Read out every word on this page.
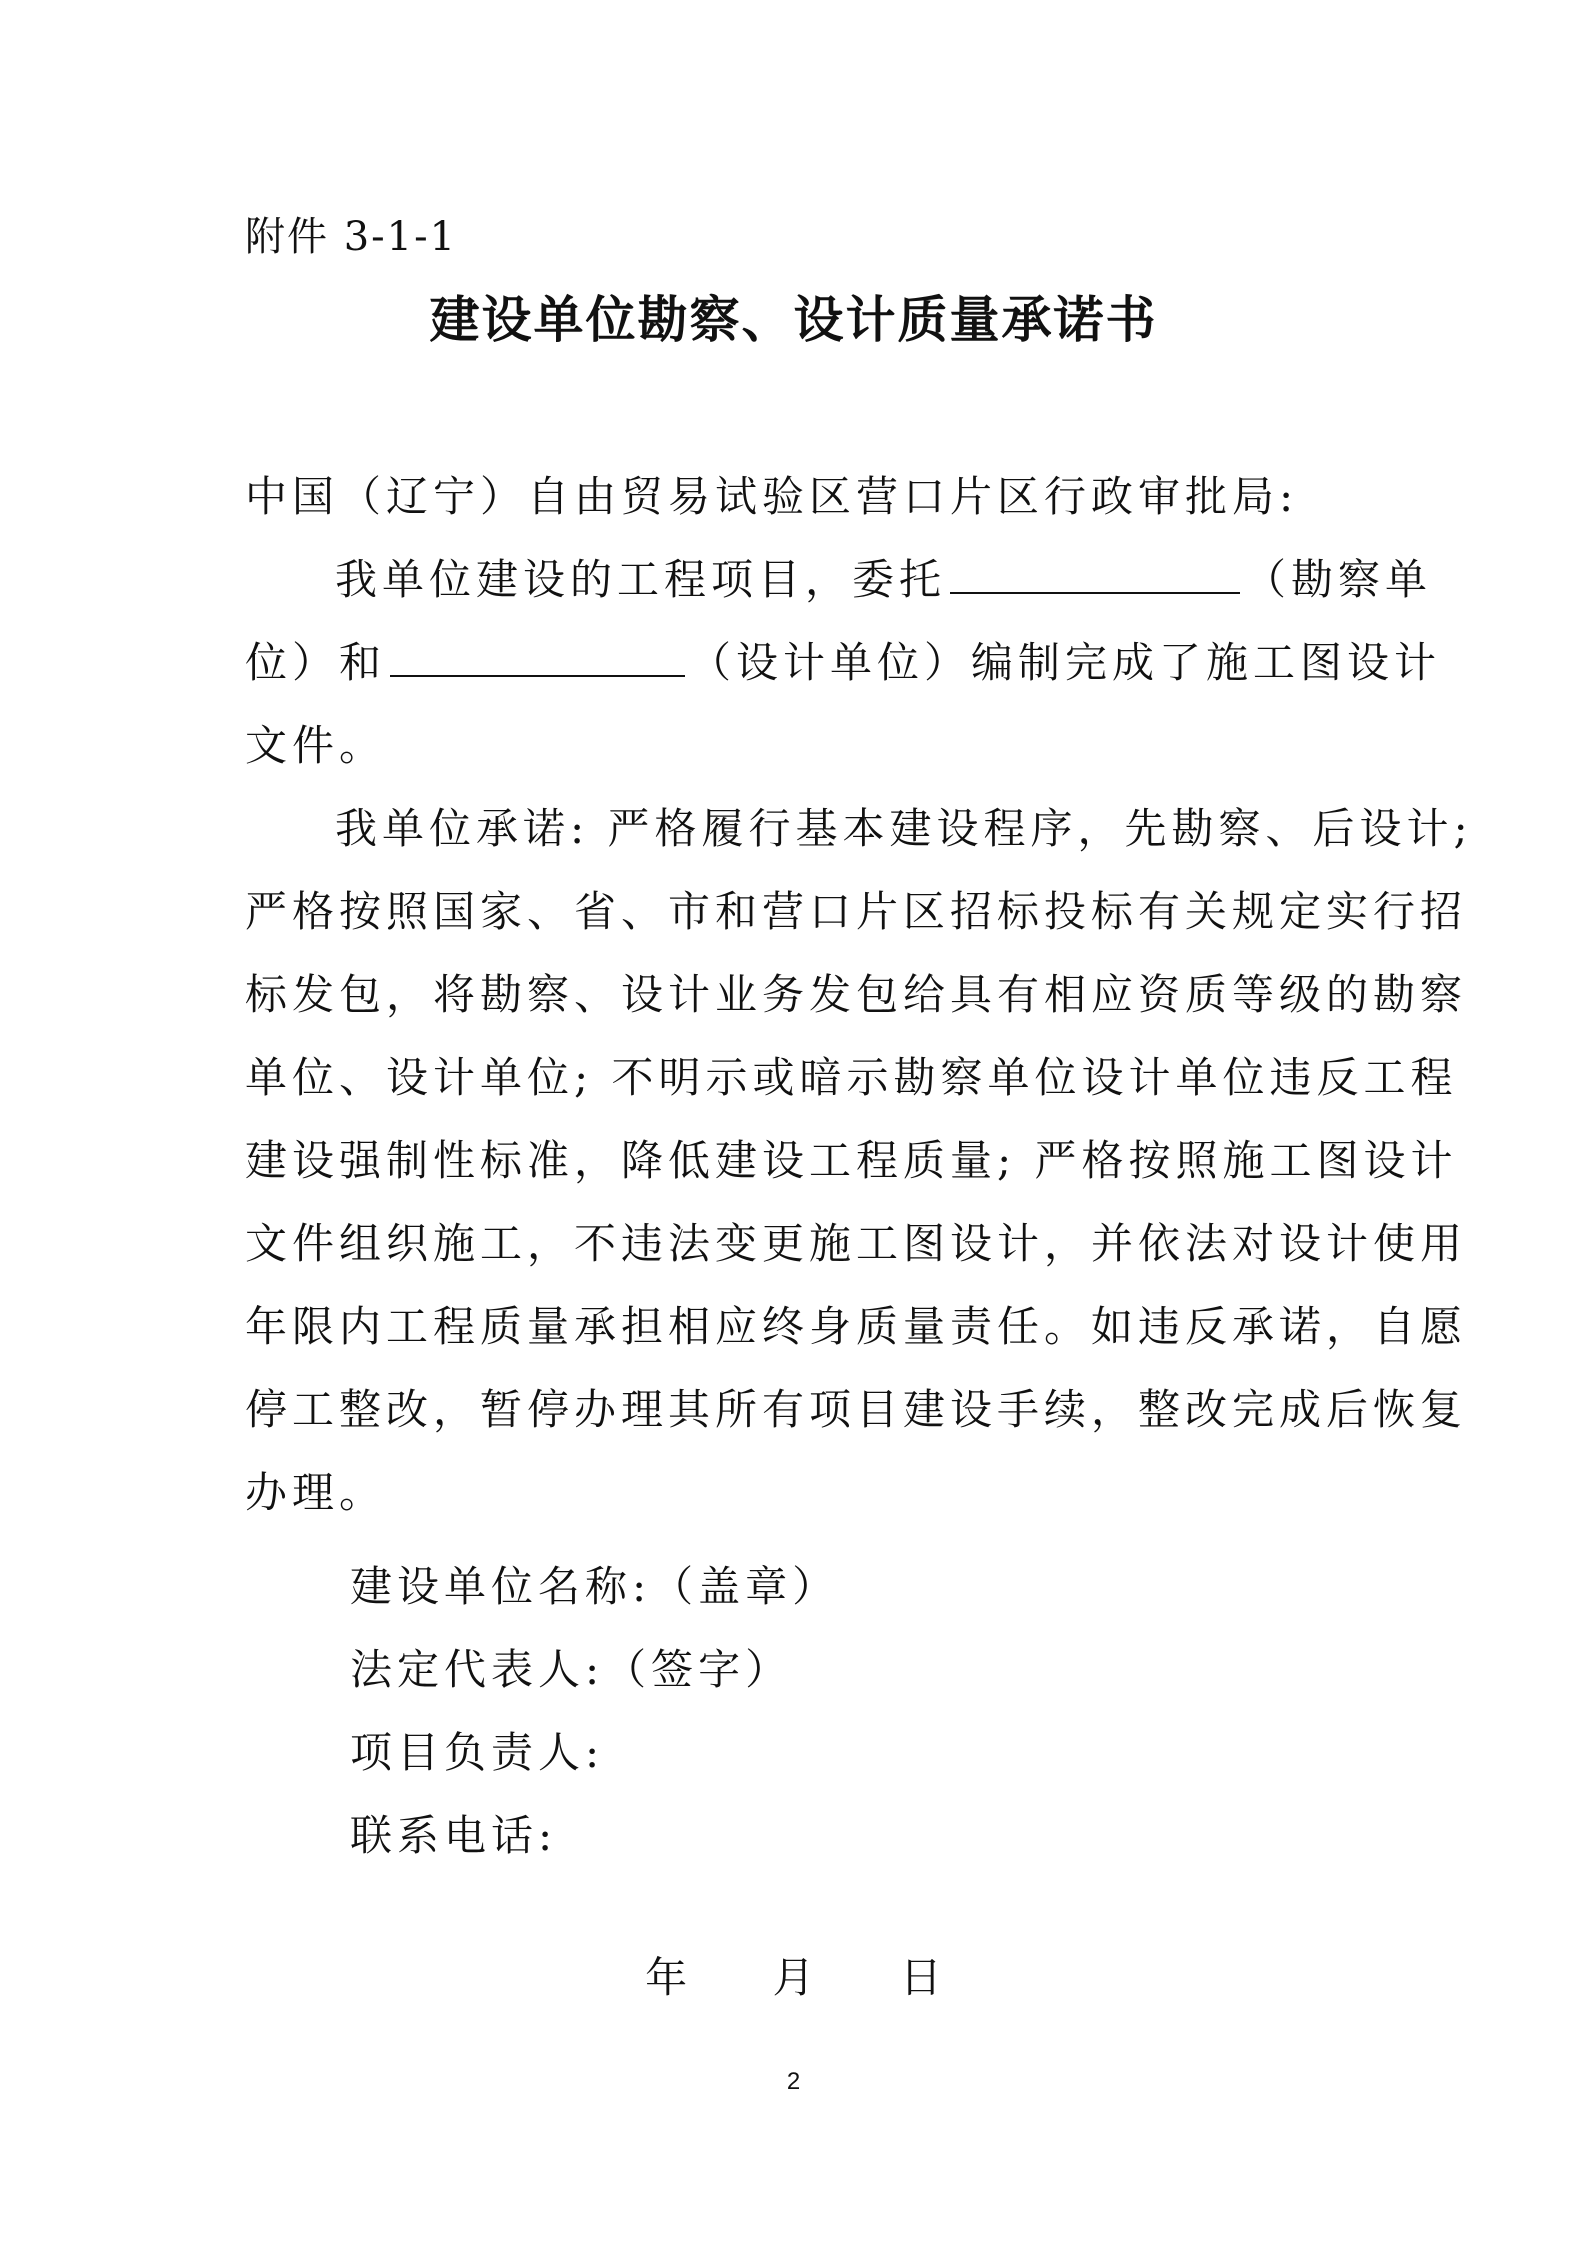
附件 3-1-1
建设单位勘察、设计质量承诺书
中国（辽宁）自由贸易试验区营口片区行政审批局:
我单位建设的工程项目，委托	（勘察单
位）和	（设计单位）编制完成了施工图设计
文件。
我单位承诺: 严格履行基本建设程序，先勘察、后设计;
严格按照国家、省、市和营口片区招标投标有关规定实行招
标发包，将勘察、设计业务发包给具有相应资质等级的勘察
单位、设计单位; 不明示或暗示勘察单位设计单位违反工程
建设强制性标准，降低建设工程质量; 严格按照施工图设计
文件组织施工，不违法变更施工图设计，并依法对设计使用
年限内工程质量承担相应终身质量责任。如违反承诺，自愿
停工整改，暂停办理其所有项目建设手续，整改完成后恢复
办理。
建设单位名称:（盖章）
法定代表人:（签字）
项目负责人:
联系电话:
年 月 日
2
